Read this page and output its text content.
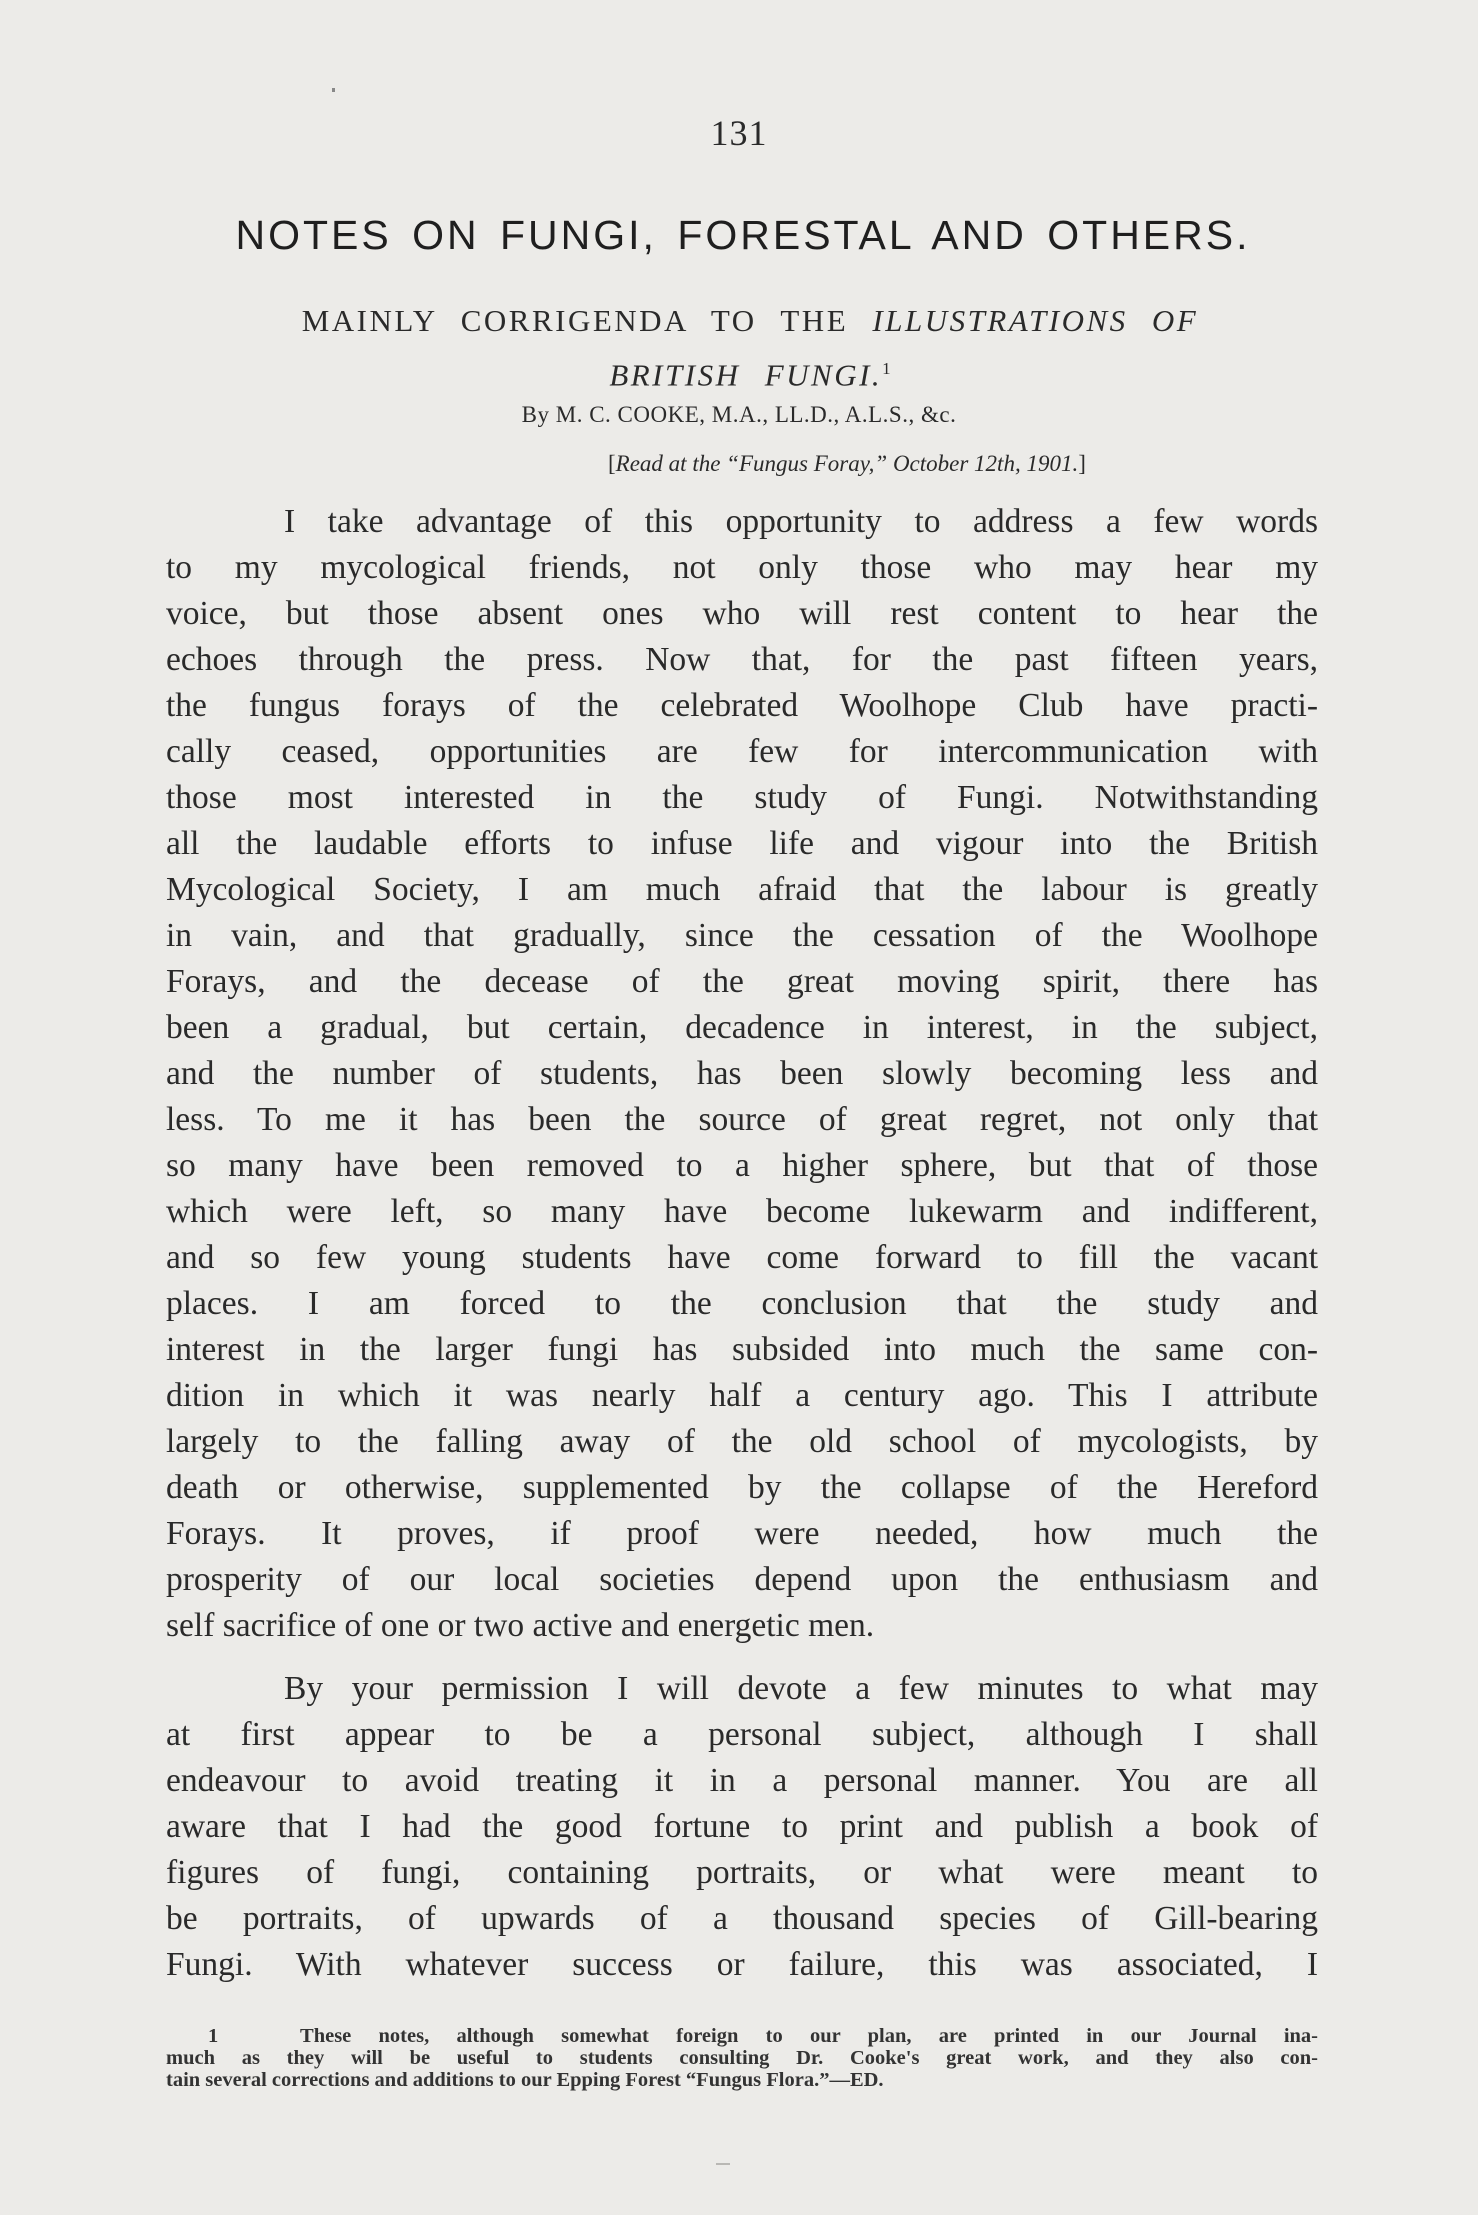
131
NOTES ON FUNGI, FORESTAL AND OTHERS.
MAINLY CORRIGENDA TO THE ILLUSTRATIONS OF
BRITISH FUNGI.$^1$
By M. C. COOKE, M.A., LL.D., A.L.S., &c.
[Read at the “Fungus Foray,” October 12th, 1901.]
I take advantage of this opportunity to address a few words
to my mycological friends, not only those who may hear my
voice, but those absent ones who will rest content to hear the
echoes through the press. Now that, for the past fifteen years,
the fungus forays of the celebrated Woolhope Club have practi-
cally ceased, opportunities are few for intercommunication with
those most interested in the study of Fungi. Notwithstanding
all the laudable efforts to infuse life and vigour into the British
Mycological Society, I am much afraid that the labour is greatly
in vain, and that gradually, since the cessation of the Woolhope
Forays, and the decease of the great moving spirit, there has
been a gradual, but certain, decadence in interest, in the subject,
and the number of students, has been slowly becoming less and
less. To me it has been the source of great regret, not only that
so many have been removed to a higher sphere, but that of those
which were left, so many have become lukewarm and indifferent,
and so few young students have come forward to fill the vacant
places. I am forced to the conclusion that the study and
interest in the larger fungi has subsided into much the same con-
dition in which it was nearly half a century ago. This I attribute
largely to the falling away of the old school of mycologists, by
death or otherwise, supplemented by the collapse of the Hereford
Forays. It proves, if proof were needed, how much the
prosperity of our local societies depend upon the enthusiasm and
self sacrifice of one or two active and energetic men.
By your permission I will devote a few minutes to what may
at first appear to be a personal subject, although I shall
endeavour to avoid treating it in a personal manner. You are all
aware that I had the good fortune to print and publish a book of
figures of fungi, containing portraits, or what were meant to
be portraits, of upwards of a thousand species of Gill-bearing
Fungi. With whatever success or failure, this was associated, I
1	These notes, although somewhat foreign to our plan, are printed in our Journal ina-
much as they will be useful to students consulting Dr. Cooke's great work, and they also con-
tain several corrections and additions to our Epping Forest “Fungus Flora.”—ED.
